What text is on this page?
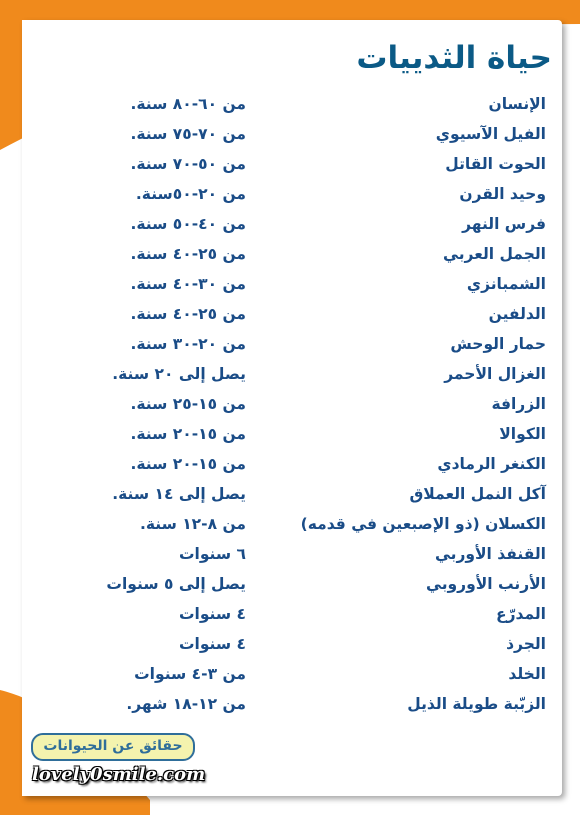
حياة الثدييات
الإنسان
من ٦٠-٨٠ سنة.
الفيل الآسيوي
من ٧٠-٧٥ سنة.
الحوت القاتل
من ٥٠-٧٠ سنة.
وحيد القرن
من ٢٠-٥٠سنة.
فرس النهر
من ٤٠-٥٠ سنة.
الجمل العربي
من ٢٥-٤٠ سنة.
الشمبانزي
من ٣٠-٤٠ سنة.
الدلفين
من ٢٥-٤٠ سنة.
حمار الوحش
من ٢٠-٣٠ سنة.
الغزال الأحمر
يصل إلى ٢٠ سنة.
الزرافة
من ١٥-٢٥ سنة.
الكوالا
من ١٥-٢٠ سنة.
الكنغر الرمادي
من ١٥-٢٠ سنة.
آكل النمل العملاق
يصل إلى ١٤ سنة.
الكسلان (ذو الإصبعين في قدمه)
من ٨-١٢ سنة.
القنفذ الأوربي
٦ سنوات
الأرنب الأوروبي
يصل إلى ٥ سنوات
المدرّع
٤ سنوات
الجرذ
٤ سنوات
الخلد
من ٣-٤ سنوات
الزبّبة طويلة الذيل
من ١٢-١٨ شهر.
حقائق عن الحيوانات
lovely0smile.com
